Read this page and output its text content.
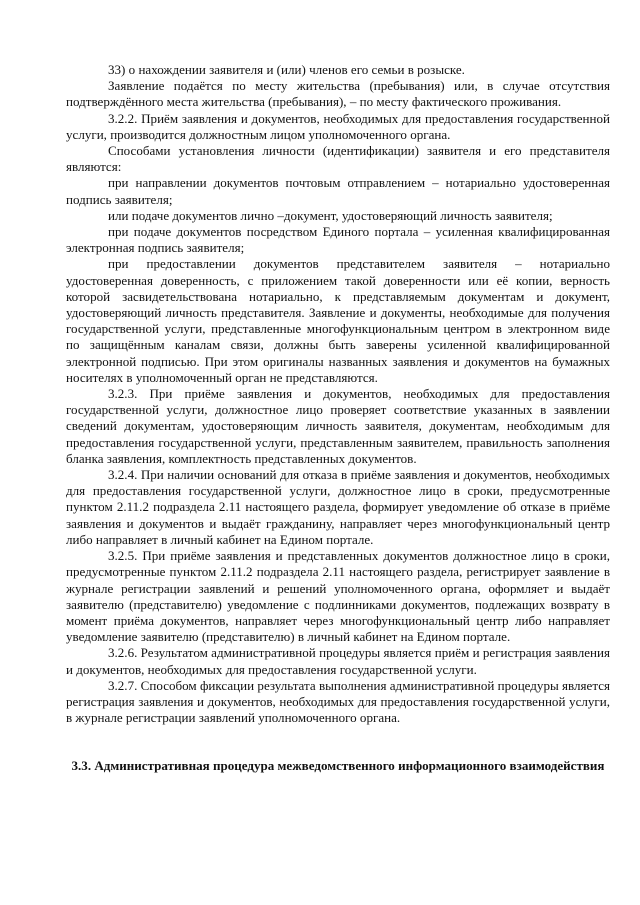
33) о нахождении заявителя и (или) членов его семьи в розыске.

Заявление подаётся по месту жительства (пребывания) или, в случае отсутствия подтверждённого места жительства (пребывания), – по месту фактического проживания.

3.2.2. Приём заявления и документов, необходимых для предоставления государственной услуги, производится должностным лицом уполномоченного органа.

Способами установления личности (идентификации) заявителя и его представителя являются:

при направлении документов почтовым отправлением – нотариально удостоверенная подпись заявителя;

или подаче документов лично –документ, удостоверяющий личность заявителя;

при подаче документов посредством Единого портала – усиленная квалифицированная электронная подпись заявителя;

при предоставлении документов представителем заявителя – нотариально удостоверенная доверенность, с приложением такой доверенности или её копии, верность которой засвидетельствована нотариально, к представляемым документам и документ, удостоверяющий личность представителя. Заявление и документы, необходимые для получения государственной услуги, представленные многофункциональным центром в электронном виде по защищённым каналам связи, должны быть заверены усиленной квалифицированной электронной подписью. При этом оригиналы названных заявления и документов на бумажных носителях в уполномоченный орган не представляются.

3.2.3. При приёме заявления и документов, необходимых для предоставления государственной услуги, должностное лицо проверяет соответствие указанных в заявлении сведений документам, удостоверяющим личность заявителя, документам, необходимым для предоставления государственной услуги, представленным заявителем, правильность заполнения бланка заявления, комплектность представленных документов.

3.2.4. При наличии оснований для отказа в приёме заявления и документов, необходимых для предоставления государственной услуги, должностное лицо в сроки, предусмотренные пунктом 2.11.2 подраздела 2.11 настоящего раздела, формирует уведомление об отказе в приёме заявления и документов и выдаёт гражданину, направляет через многофункциональный центр либо направляет в личный кабинет на Едином портале.

3.2.5. При приёме заявления и представленных документов должностное лицо в сроки, предусмотренные пунктом 2.11.2 подраздела 2.11 настоящего раздела, регистрирует заявление в журнале регистрации заявлений и решений уполномоченного органа, оформляет и выдаёт заявителю (представителю) уведомление с подлинниками документов, подлежащих возврату в момент приёма документов, направляет через многофункциональный центр либо направляет уведомление заявителю (представителю) в личный кабинет на Едином портале.

3.2.6. Результатом административной процедуры является приём и регистрация заявления и документов, необходимых для предоставления государственной услуги.

3.2.7. Способом фиксации результата выполнения административной процедуры является регистрация заявления и документов, необходимых для предоставления государственной услуги, в журнале регистрации заявлений уполномоченного органа.

3.3. Административная процедура межведомственного информационного взаимодействия
